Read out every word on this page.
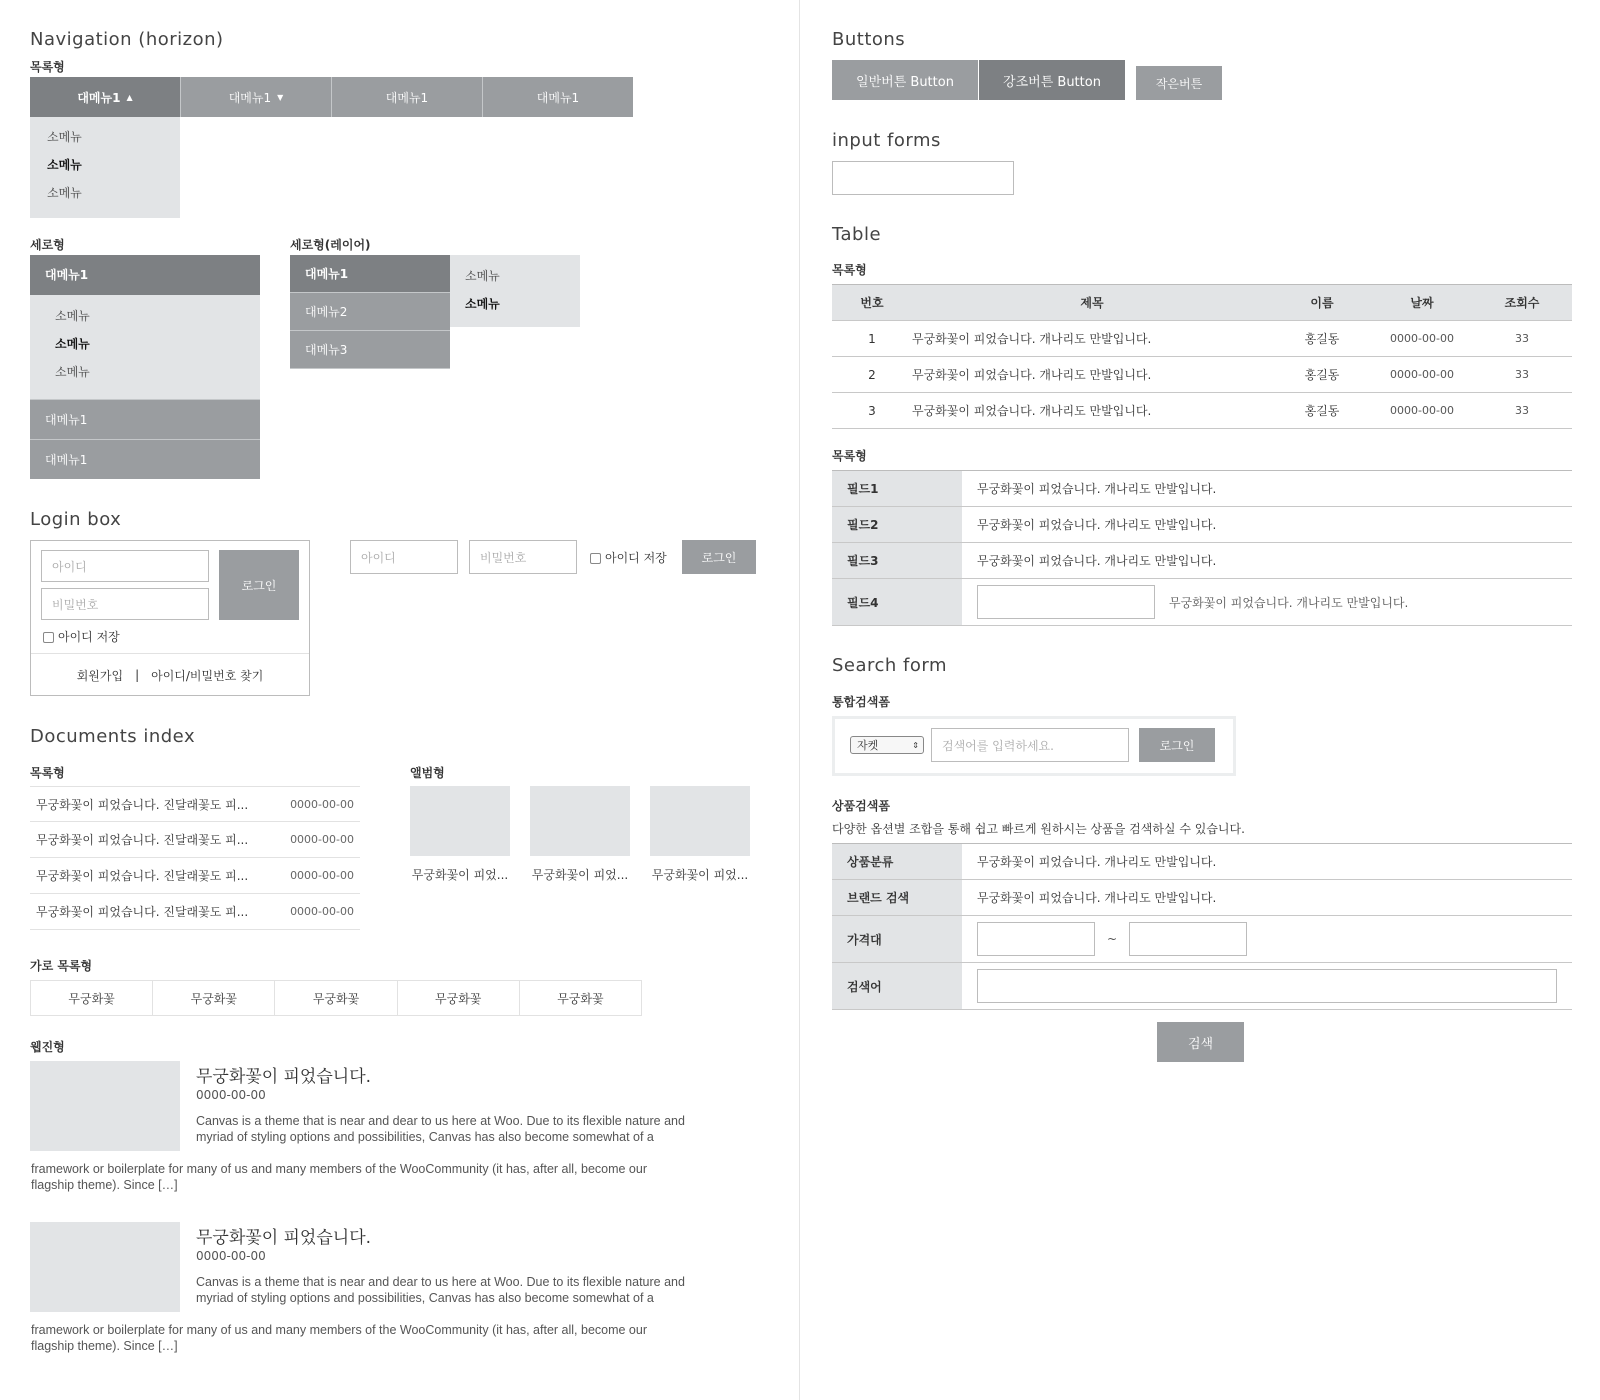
Navigation (horizon)
목록형
대메뉴1 ▲	대메뉴1 ▼	대메뉴1	대메뉴1
소메뉴
소메뉴
소메뉴
세로형
대메뉴1
소메뉴
소메뉴
소메뉴
대메뉴1
대메뉴1
세로형(레이어)
대메뉴1
대메뉴2
대메뉴3
소메뉴
소메뉴
Login box
아이디
비밀번호
로그인
아이디 저장
회원가입 | 아이디/비밀번호 찾기
아이디	비밀번호	아이디 저장	로그인
Documents index
목록형
무궁화꽃이 피었습니다. 진달래꽃도 피...	0000-00-00
무궁화꽃이 피었습니다. 진달래꽃도 피...	0000-00-00
무궁화꽃이 피었습니다. 진달래꽃도 피...	0000-00-00
무궁화꽃이 피었습니다. 진달래꽃도 피...	0000-00-00
앨범형
무궁화꽃이 피었... 무궁화꽃이 피었... 무궁화꽃이 피었...
가로 목록형
무궁화꽃	무궁화꽃	무궁화꽃	무궁화꽃	무궁화꽃
웹진형
무궁화꽃이 피었습니다.
0000-00-00
Canvas is a theme that is near and dear to us here at Woo. Due to its flexible nature and
myriad of styling options and possibilities, Canvas has also become somewhat of a
framework or boilerplate for many of us and many members of the WooCommunity (it has, after all, become our
flagship theme). Since […]
무궁화꽃이 피었습니다.
0000-00-00
Canvas is a theme that is near and dear to us here at Woo. Due to its flexible nature and
myriad of styling options and possibilities, Canvas has also become somewhat of a
framework or boilerplate for many of us and many members of the WooCommunity (it has, after all, become our
flagship theme). Since […]
Buttons
일반버튼 Button	강조버튼 Button	작은버튼
input forms
Table
목록형
번호	제목	이름	날짜	조회수
1	무궁화꽃이 피었습니다. 개나리도 만발입니다.	홍길동	0000-00-00	33
2	무궁화꽃이 피었습니다. 개나리도 만발입니다.	홍길동	0000-00-00	33
3	무궁화꽃이 피었습니다. 개나리도 만발입니다.	홍길동	0000-00-00	33
목록형
필드1	무궁화꽃이 피었습니다. 개나리도 만발입니다.
필드2	무궁화꽃이 피었습니다. 개나리도 만발입니다.
필드3	무궁화꽃이 피었습니다. 개나리도 만발입니다.
필드4	무궁화꽃이 피었습니다. 개나리도 만발입니다.
Search form
통합검색폼
자켓	⇕	검색어를 입력하세요.	로그인
상품검색폼
다양한 옵션별 조합을 통해 쉽고 빠르게 원하시는 상품을 검색하실 수 있습니다.
상품분류	무궁화꽃이 피었습니다. 개나리도 만발입니다.
브랜드 검색	무궁화꽃이 피었습니다. 개나리도 만발입니다.
가격대	~
검색어
검색
